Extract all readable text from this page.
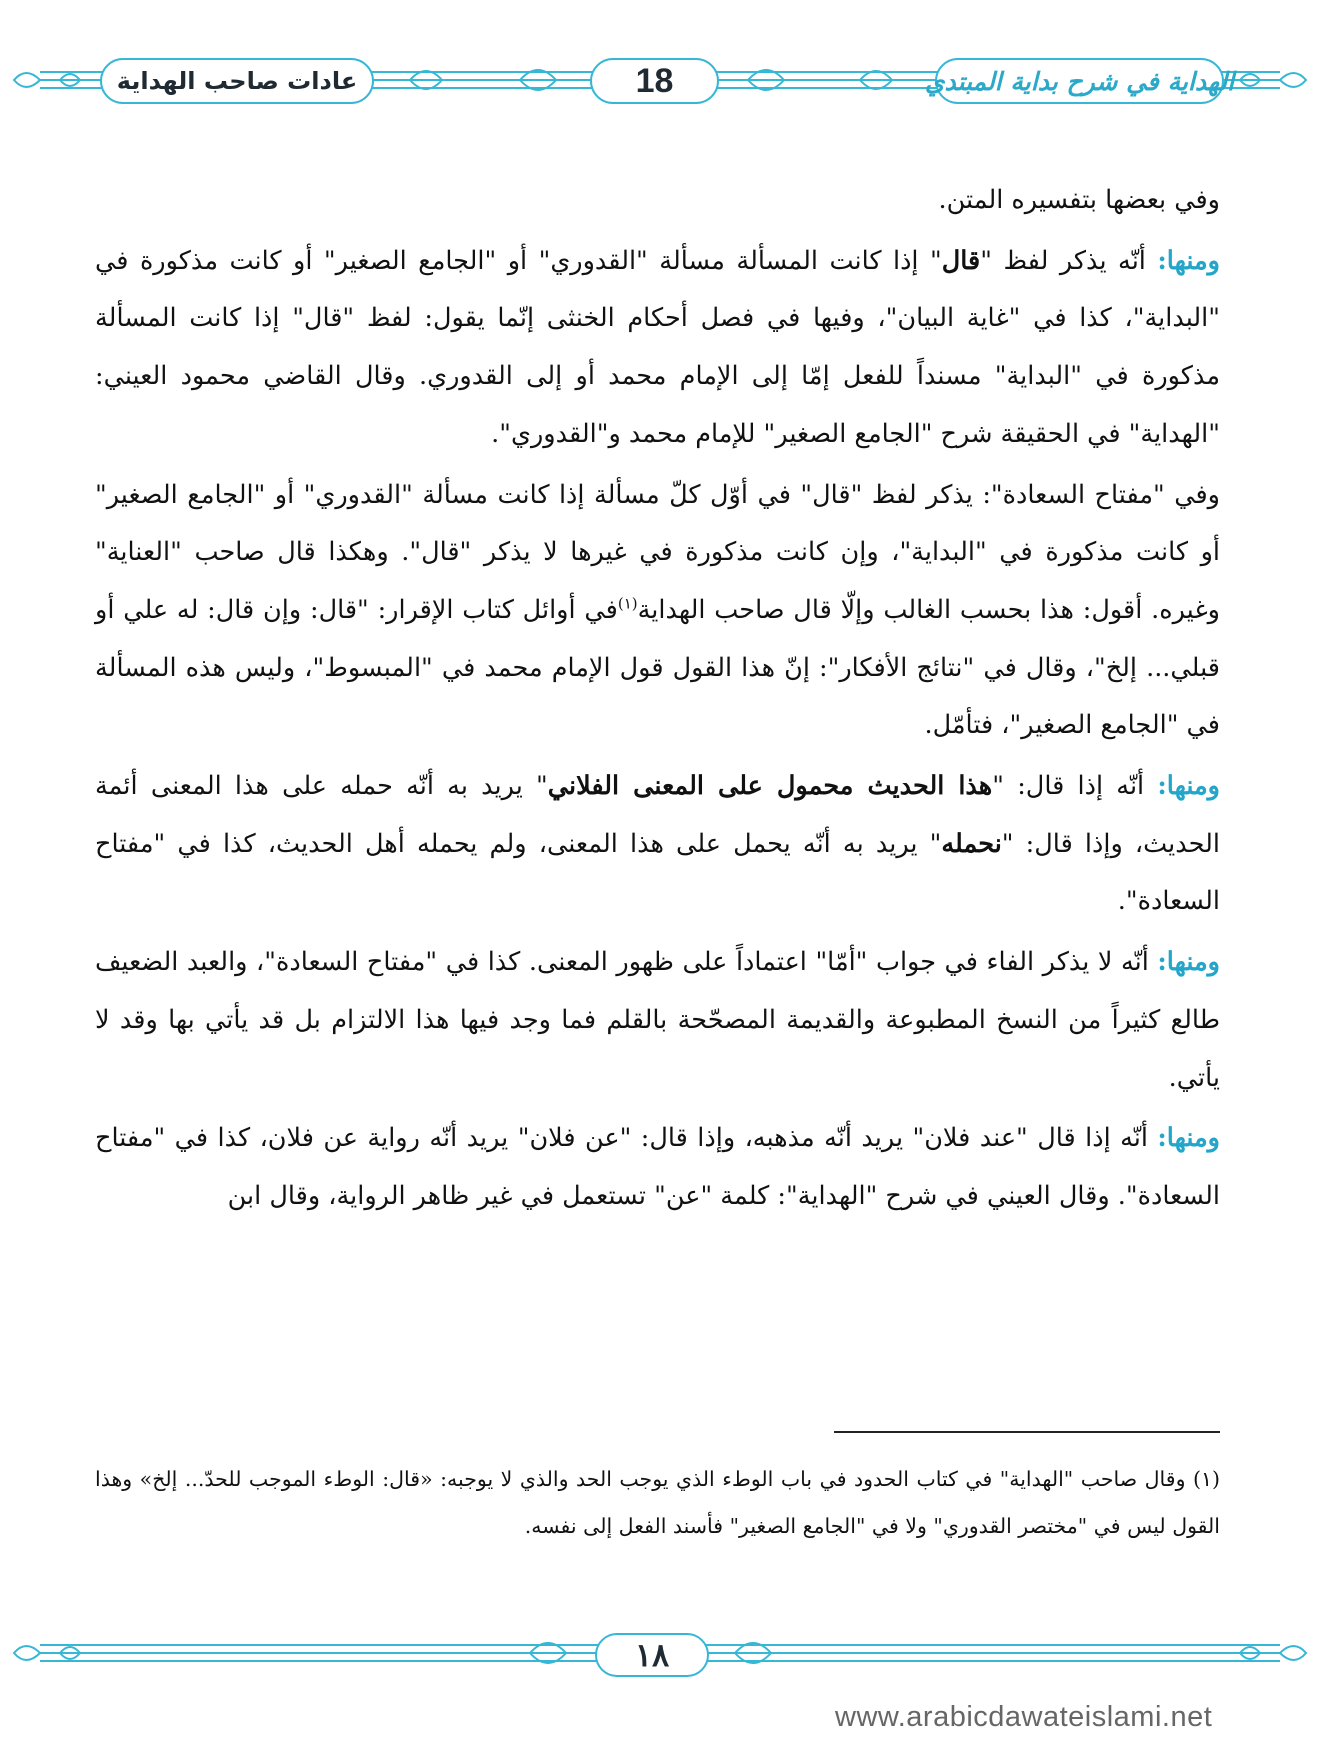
عادات صاحب الهداية	18	الهداية في شرح بداية المبتدي

وفي بعضها بتفسيره المتن.

ومنها: أنّه يذكر لفظ "قال" إذا كانت المسألة مسألة "القدوري" أو "الجامع الصغير" أو كانت مذكورة في "البداية"، كذا في "غاية البيان"، وفيها في فصل أحكام الخنثى إنّما يقول: لفظ "قال" إذا كانت المسألة مذكورة في "البداية" مسنداً للفعل إمّا إلى الإمام محمد أو إلى القدوري. وقال القاضي محمود العيني: "الهداية" في الحقيقة شرح "الجامع الصغير" للإمام محمد و"القدوري".

وفي "مفتاح السعادة": يذكر لفظ "قال" في أوّل كلّ مسألة إذا كانت مسألة "القدوري" أو "الجامع الصغير" أو كانت مذكورة في "البداية"، وإن كانت مذكورة في غيرها لا يذكر "قال". وهكذا قال صاحب "العناية" وغيره. أقول: هذا بحسب الغالب وإلّا قال صاحب الهداية$^{(١)}$في أوائل كتاب الإقرار: "قال: وإن قال: له علي أو قبلي... إلخ"، وقال في "نتائج الأفكار": إنّ هذا القول قول الإمام محمد في "المبسوط"، وليس هذه المسألة في "الجامع الصغير"، فتأمّل.

ومنها: أنّه إذا قال: "هذا الحديث محمول على المعنى الفلاني" يريد به أنّه حمله على هذا المعنى أئمة الحديث، وإذا قال: "نحمله" يريد به أنّه يحمل على هذا المعنى، ولم يحمله أهل الحديث، كذا في "مفتاح السعادة".

ومنها: أنّه لا يذكر الفاء في جواب "أمّا" اعتماداً على ظهور المعنى. كذا في "مفتاح السعادة"، والعبد الضعيف طالع كثيراً من النسخ المطبوعة والقديمة المصحّحة بالقلم فما وجد فيها هذا الالتزام بل قد يأتي بها وقد لا يأتي.

ومنها: أنّه إذا قال "عند فلان" يريد أنّه مذهبه، وإذا قال: "عن فلان" يريد أنّه رواية عن فلان، كذا في "مفتاح السعادة". وقال العيني في شرح "الهداية": كلمة "عن" تستعمل في غير ظاهر الرواية، وقال ابن

(١) وقال صاحب "الهداية" في كتاب الحدود في باب الوطء الذي يوجب الحد والذي لا يوجبه: «قال: الوطء الموجب للحدّ... إلخ» وهذا القول ليس في "مختصر القدوري" ولا في "الجامع الصغير" فأسند الفعل إلى نفسه.

١٨
www.arabicdawateislami.net
